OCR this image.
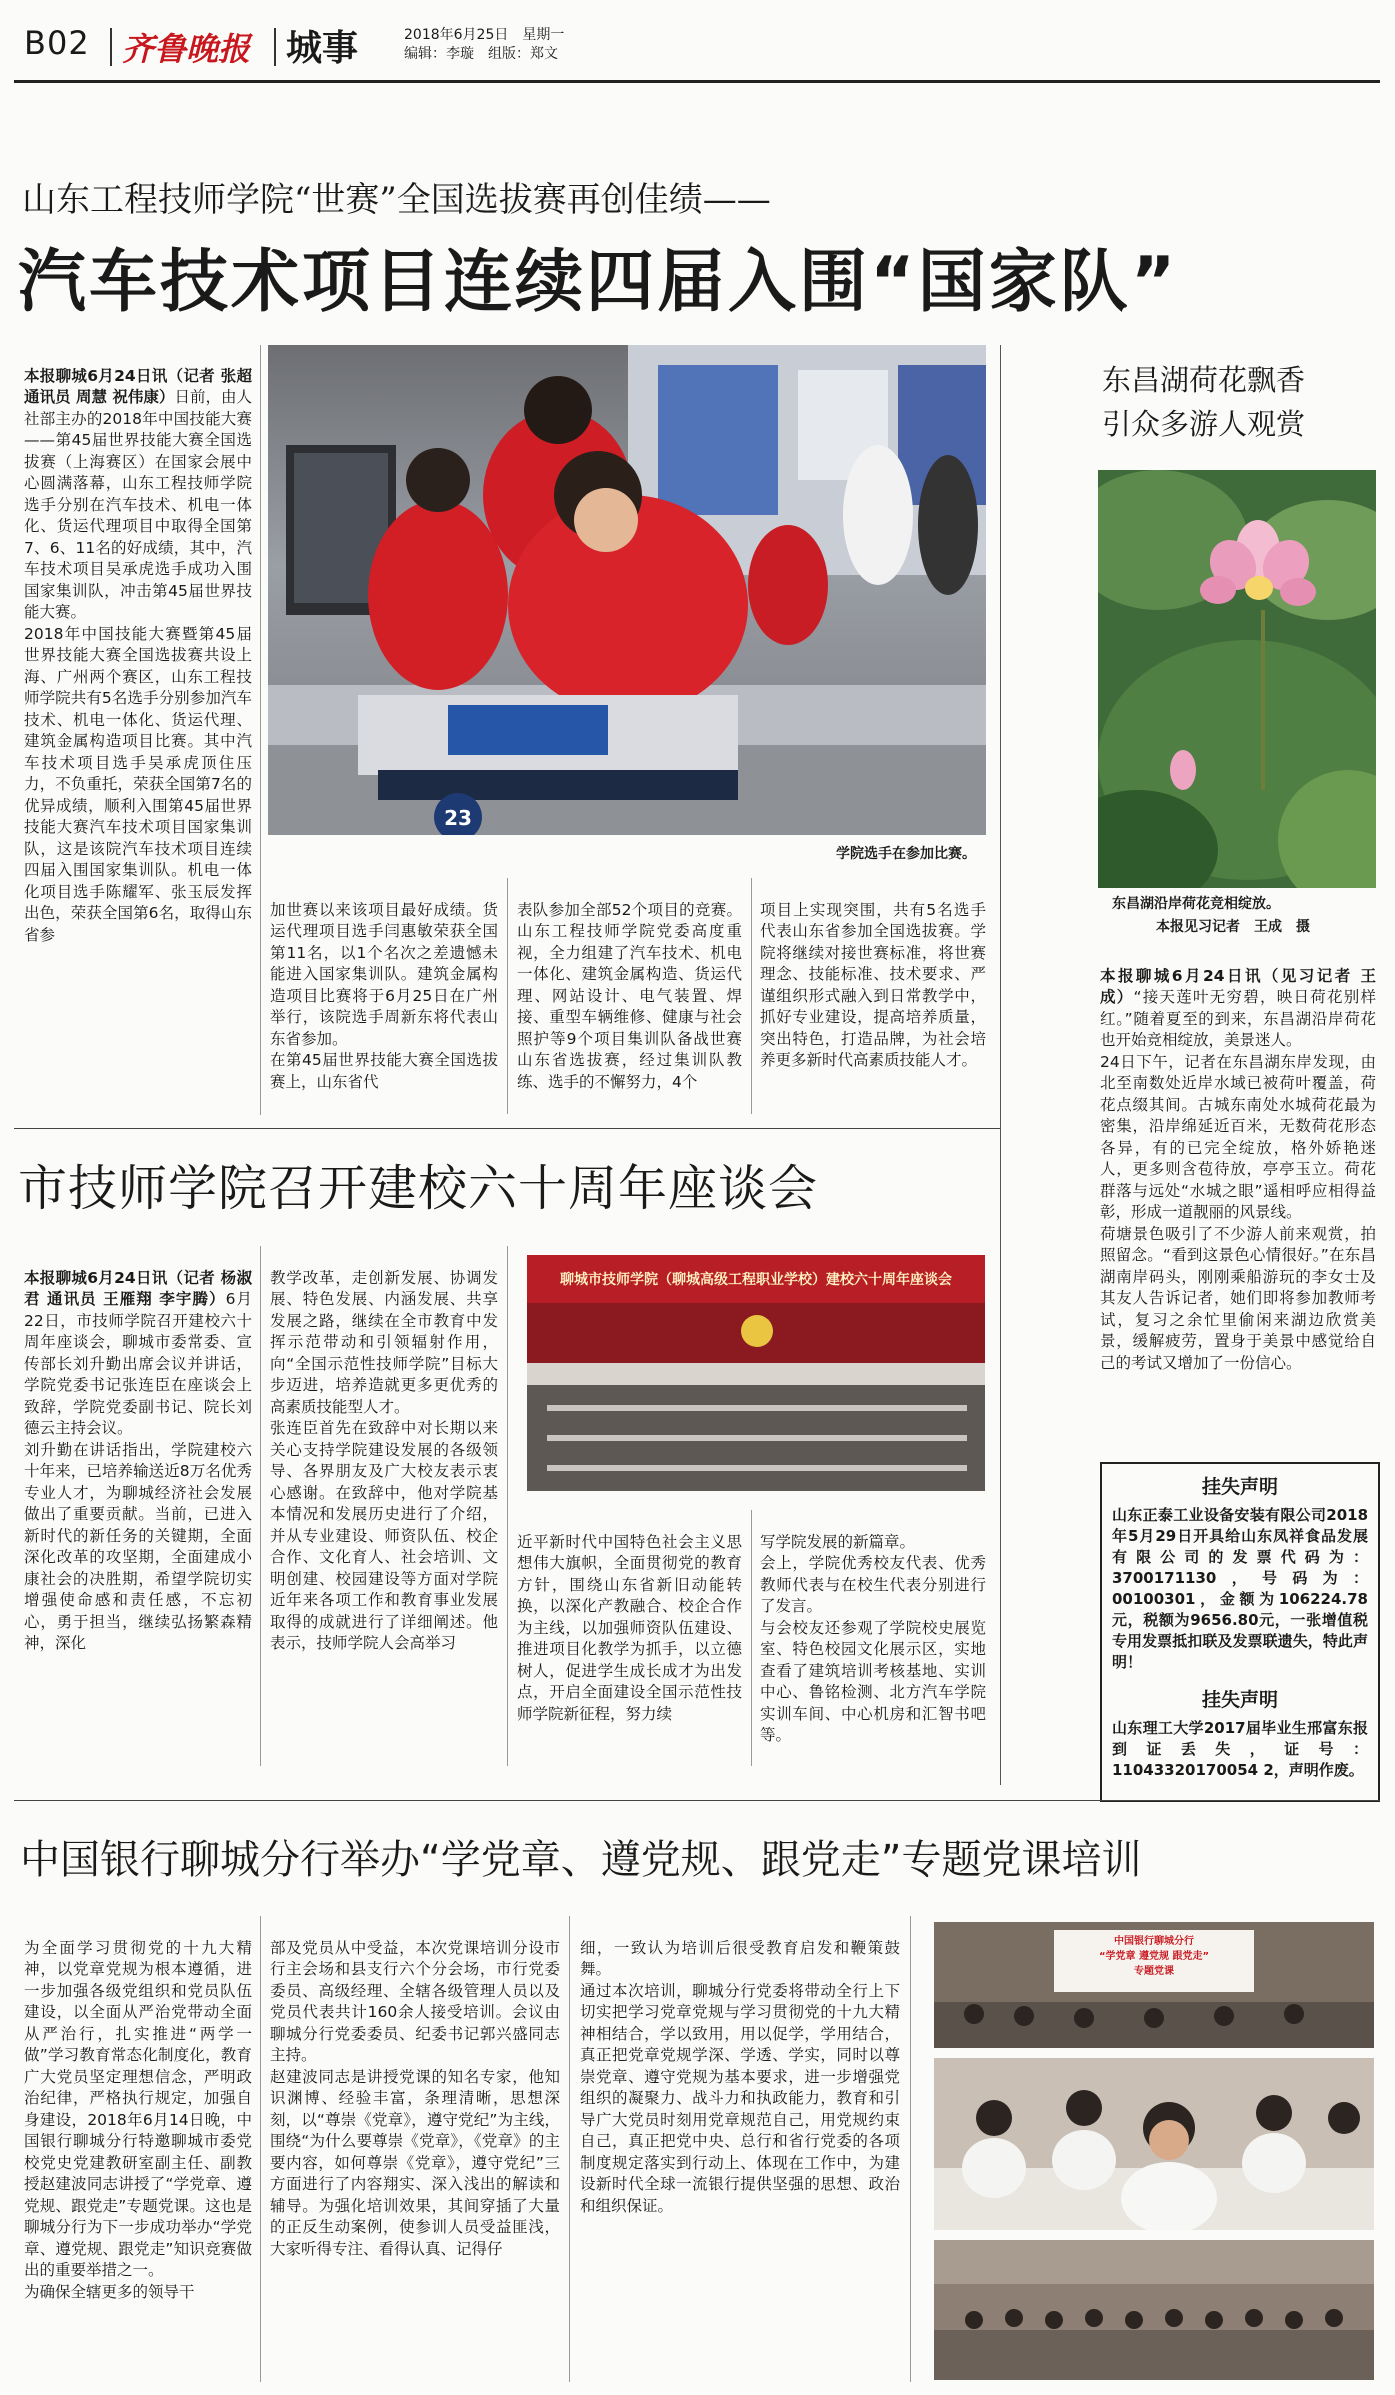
B02 齐鲁晚报 城事	2018年6月25日　星期一
编辑：李璇　组版：郑文
山东工程技师学院“世赛”全国选拔赛再创佳绩——
汽车技术项目连续四届入围“国家队”

本报聊城6月24日讯（记者 张超 通讯员 周慧 祝伟康）日前，由人社部主办的2018年中国技能大赛——第45届世界技能大赛全国选拔赛（上海赛区）在国家会展中心圆满落幕，山东工程技师学院选手分别在汽车技术、机电一体化、货运代理项目中取得全国第7、6、11名的好成绩，其中，汽车技术项目吴承虎选手成功入围国家集训队，冲击第45届世界技能大赛。
2018年中国技能大赛暨第45届世界技能大赛全国选拔赛共设上海、广州两个赛区，山东工程技师学院共有5名选手分别参加汽车技术、机电一体化、货运代理、建筑金属构造项目比赛。其中汽车技术项目选手吴承虎顶住压力，不负重托，荣获全国第7名的优异成绩，顺利入围第45届世界技能大赛汽车技术项目国家集训队，这是该院汽车技术项目连续四届入围国家集训队。机电一体化项目选手陈耀军、张玉辰发挥出色，荣获全国第6名，取得山东省参

23
学院选手在参加比赛。

加世赛以来该项目最好成绩。货运代理项目选手闫惠敏荣获全国第11名，以1个名次之差遗憾未能进入国家集训队。建筑金属构造项目比赛将于6月25日在广州举行，该院选手周新东将代表山东省参加。
在第45届世界技能大赛全国选拔赛上，山东省代

表队参加全部52个项目的竞赛。山东工程技师学院党委高度重视，全力组建了汽车技术、机电一体化、建筑金属构造、货运代理、网站设计、电气装置、焊接、重型车辆维修、健康与社会照护等9个项目集训队备战世赛山东省选拔赛，经过集训队教练、选手的不懈努力，4个

项目上实现突围，共有5名选手代表山东省参加全国选拔赛。学院将继续对接世赛标准，将世赛理念、技能标准、技术要求、严谨组织形式融入到日常教学中，抓好专业建设，提高培养质量，突出特色，打造品牌，为社会培养更多新时代高素质技能人才。

东昌湖荷花飘香
引众多游人观赏
东昌湖沿岸荷花竞相绽放。
本报见习记者　王成　摄

本报聊城6月24日讯（见习记者 王成）“接天莲叶无穷碧，映日荷花别样红。”随着夏至的到来，东昌湖沿岸荷花也开始竞相绽放，美景迷人。
24日下午，记者在东昌湖东岸发现，由北至南数处近岸水域已被荷叶覆盖，荷花点缀其间。古城东南处水城荷花最为密集，沿岸绵延近百米，无数荷花形态各异，有的已完全绽放，格外娇艳迷人，更多则含苞待放，亭亭玉立。荷花群落与远处“水城之眼”遥相呼应相得益彰，形成一道靓丽的风景线。
荷塘景色吸引了不少游人前来观赏，拍照留念。“看到这景色心情很好。”在东昌湖南岸码头，刚刚乘船游玩的李女士及其友人告诉记者，她们即将参加教师考试，复习之余忙里偷闲来湖边欣赏美景，缓解疲劳，置身于美景中感觉给自己的考试又增加了一份信心。

挂失声明
山东正泰工业设备安装有限公司2018年5月29日开具给山东凤祥食品发展有限公司的发票代码为：3700171130，号码为：00100301，金额为106224.78元，税额为9656.80元，一张增值税专用发票抵扣联及发票联遗失，特此声明！
挂失声明
山东理工大学2017届毕业生邢富东报到证丢失，证号：11043320170054 2，声明作废。
市技师学院召开建校六十周年座谈会

本报聊城6月24日讯（记者 杨淑君 通讯员 王雁翔 李宇腾）6月22日，市技师学院召开建校六十周年座谈会，聊城市委常委、宣传部长刘升勤出席会议并讲话，学院党委书记张连臣在座谈会上致辞，学院党委副书记、院长刘德云主持会议。
刘升勤在讲话指出，学院建校六十年来，已培养输送近8万名优秀专业人才，为聊城经济社会发展做出了重要贡献。当前，已进入新时代的新任务的关键期，全面深化改革的攻坚期，全面建成小康社会的决胜期，希望学院切实增强使命感和责任感，不忘初心，勇于担当，继续弘扬繁森精神，深化

教学改革，走创新发展、协调发展、特色发展、内涵发展、共享发展之路，继续在全市教育中发挥示范带动和引领辐射作用，向“全国示范性技师学院”目标大步迈进，培养造就更多更优秀的高素质技能型人才。
张连臣首先在致辞中对长期以来关心支持学院建设发展的各级领导、各界朋友及广大校友表示衷心感谢。在致辞中，他对学院基本情况和发展历史进行了介绍，并从专业建设、师资队伍、校企合作、文化育人、社会培训、文明创建、校园建设等方面对学院近年来各项工作和教育事业发展取得的成就进行了详细阐述。他表示，技师学院人会高举习

聊城市技师学院（聊城高级工程职业学校）建校六十周年座谈会

近平新时代中国特色社会主义思想伟大旗帜，全面贯彻党的教育方针，围绕山东省新旧动能转换，以深化产教融合、校企合作为主线，以加强师资队伍建设、推进项目化教学为抓手，以立德树人，促进学生成长成才为出发点，开启全面建设全国示范性技师学院新征程，努力续

写学院发展的新篇章。
会上，学院优秀校友代表、优秀教师代表与在校生代表分别进行了发言。
与会校友还参观了学院校史展览室、特色校园文化展示区，实地查看了建筑培训考核基地、实训中心、鲁铭检测、北方汽车学院实训车间、中心机房和汇智书吧等。

中国银行聊城分行举办“学党章、遵党规、跟党走”专题党课培训

为全面学习贯彻党的十九大精神，以党章党规为根本遵循，进一步加强各级党组织和党员队伍建设，以全面从严治党带动全面从严治行，扎实推进“两学一做”学习教育常态化制度化，教育广大党员坚定理想信念，严明政治纪律，严格执行规定，加强自身建设，2018年6月14日晚，中国银行聊城分行特邀聊城市委党校党史党建教研室副主任、副教授赵建波同志讲授了“学党章、遵党规、跟党走”专题党课。这也是聊城分行为下一步成功举办“学党章、遵党规、跟党走”知识竞赛做出的重要举措之一。
为确保全辖更多的领导干

部及党员从中受益，本次党课培训分设市行主会场和县支行六个分会场，市行党委委员、高级经理、全辖各级管理人员以及党员代表共计160余人接受培训。会议由聊城分行党委委员、纪委书记郭兴盛同志主持。
赵建波同志是讲授党课的知名专家，他知识渊博、经验丰富，条理清晰，思想深刻，以“尊崇《党章》，遵守党纪”为主线，围绕“为什么要尊崇《党章》，《党章》的主要内容，如何尊崇《党章》，遵守党纪”三方面进行了内容翔实、深入浅出的解读和辅导。为强化培训效果，其间穿插了大量的正反生动案例，使参训人员受益匪浅，大家听得专注、看得认真、记得仔

细，一致认为培训后很受教育启发和鞭策鼓舞。
通过本次培训，聊城分行党委将带动全行上下切实把学习党章党规与学习贯彻党的十九大精神相结合，学以致用，用以促学，学用结合，真正把党章党规学深、学透、学实，同时以尊崇党章、遵守党规为基本要求，进一步增强党组织的凝聚力、战斗力和执政能力，教育和引导广大党员时刻用党章规范自己，用党规约束自己，真正把党中央、总行和省行党委的各项制度规定落实到行动上、体现在工作中，为建设新时代全球一流银行提供坚强的思想、政治和组织保证。

中国银行聊城分行
“学党章 遵党规 跟党走”
专题党课
